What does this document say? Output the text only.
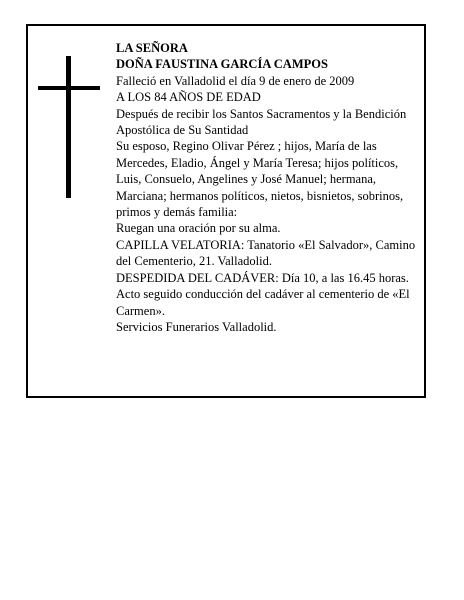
LA SEÑORA

DOÑA FAUSTINA GARCÍA CAMPOS

Falleció en Valladolid el día 9 de enero de 2009

A LOS 84 AÑOS DE EDAD

Después de recibir los Santos Sacramentos y la Bendición Apostólica de Su Santidad

Su esposo, Regino Olivar Pérez ; hijos, María de las Mercedes, Eladio, Ángel y María Teresa; hijos políticos, Luis, Consuelo, Angelines y José Manuel; hermana, Marciana; hermanos políticos, nietos, bisnietos, sobrinos, primos y demás familia:

Ruegan una oración por su alma.

CAPILLA VELATORIA: Tanatorio «El Salvador», Camino del Cementerio, 21. Valladolid.

DESPEDIDA DEL CADÁVER: Día 10, a las 16.45 horas. Acto seguido conducción del cadáver al cementerio de «El Carmen».

Servicios Funerarios Valladolid.
